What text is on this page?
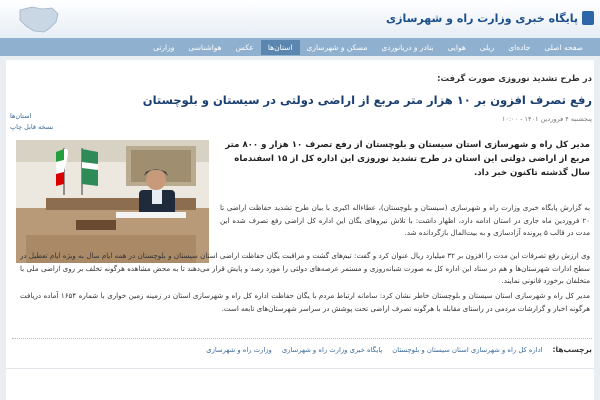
پایگاه خبری وزارت راه و شهرسازی
صفحه اصلی
جاده‌ای
ریلی
هوایی
بنادر و دریانوردی
مسکن و شهرسازی
استان‌ها
عکس
هواشناسی
وزارتی
در طرح تشدید نوروزی صورت گرفت:
رفع تصرف افزون بر ۱۰ هزار متر مربع از اراضی دولتی در سیستان و بلوچستان
پنجشنبه ۴ فروردین ۱۴۰۱ - ۱۰:۰۰
استان‌ها
نسخه قابل چاپ
مدیر کل راه و شهرسازی استان سیستان و بلوچستان از رفع تصرف ۱۰ هزار و ۸۰۰ متر مربع از اراضی دولتی این استان در طرح تشدید نوروزی این اداره کل از ۱۵ اسفندماه سال گذشته تاکنون خبر داد.
به گزارش پایگاه خبری وزارت راه و شهرسازی (سیستان و بلوچستان)، عطاءاله اکبری با بیان طرح تشدید حفاظت اراضی تا ۲۰ فروردین ماه جاری در استان ادامه دارد، اظهار داشت: با تلاش نیروهای یگان این اداره کل اراضی رفع تصرف شده این مدت در قالب ۵ پرونده آزادسازی و به بیت‌المال بازگردانده شد.
وی ارزش رفع تصرفات این مدت را افزون بر ۳۲ میلیارد ریال عنوان کرد و گفت: تیم‌های گشت و مراقبت یگان حفاظت اراضی استان سیستان و بلوچستان در همه ایام سال به ویژه ایام تعطیل در سطح ادارات شهرستان‌ها و هم در ستاد این اداره کل به صورت شبانه‌روزی و مستمر عرصه‌های دولتی را مورد رصد و پایش قرار می‌دهند تا به محض مشاهده هرگونه تخلف بر روی اراضی ملی با متخلفان برخورد قانونی نمایند.
مدیر کل راه و شهرسازی استان سیستان و بلوچستان خاطر نشان کرد: سامانه ارتباط مردم با یگان حفاظت اداره کل راه و شهرسازی استان در زمینه زمین خواری با شماره ۱۶۵۴ آماده دریافت هرگونه اخبار و گزارشات مردمی در راستای مقابله با هرگونه تصرف اراضی تحت پوشش در سراسر شهرستان‌های تابعه است.
برچسب‌ها:
اداره کل راه و شهرسازی استان سیستان و بلوچستان
پایگاه خبری وزارت راه و شهرسازی
وزارت راه و شهرسازی
